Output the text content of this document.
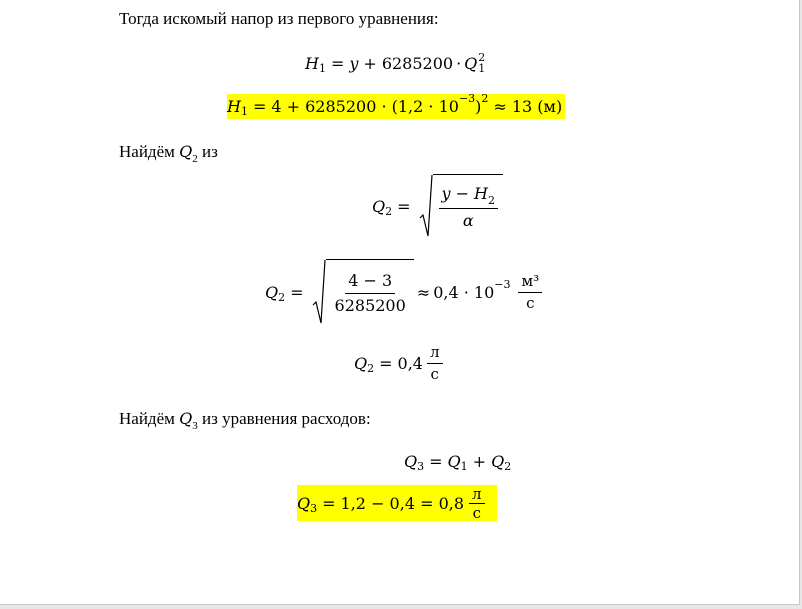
Тогда искомый напор из первого уравнения:
H 1 = y + 6285200 · Q 2
1
H 1 = 4 + 6285200 · (1,2 · 10 −3 ) 2 ≈ 13 (м)
Найдём $Q_2$ из
Q $2 = \frac{y - H_2}{\alpha}$
Q $2 = \frac{4 - 3}{6285200} \approx 0,4 \cdot 10 -3 \frac{\text{м³}}{с}$
Q $2 = 0,4 \frac{л}{с}$
Найдём $Q_3$ из уравнения расходов:
Q 3 = Q 1 + Q 2
Q $3 = 1,2 - 0,4 = 0,8 \frac{л}{с}$
